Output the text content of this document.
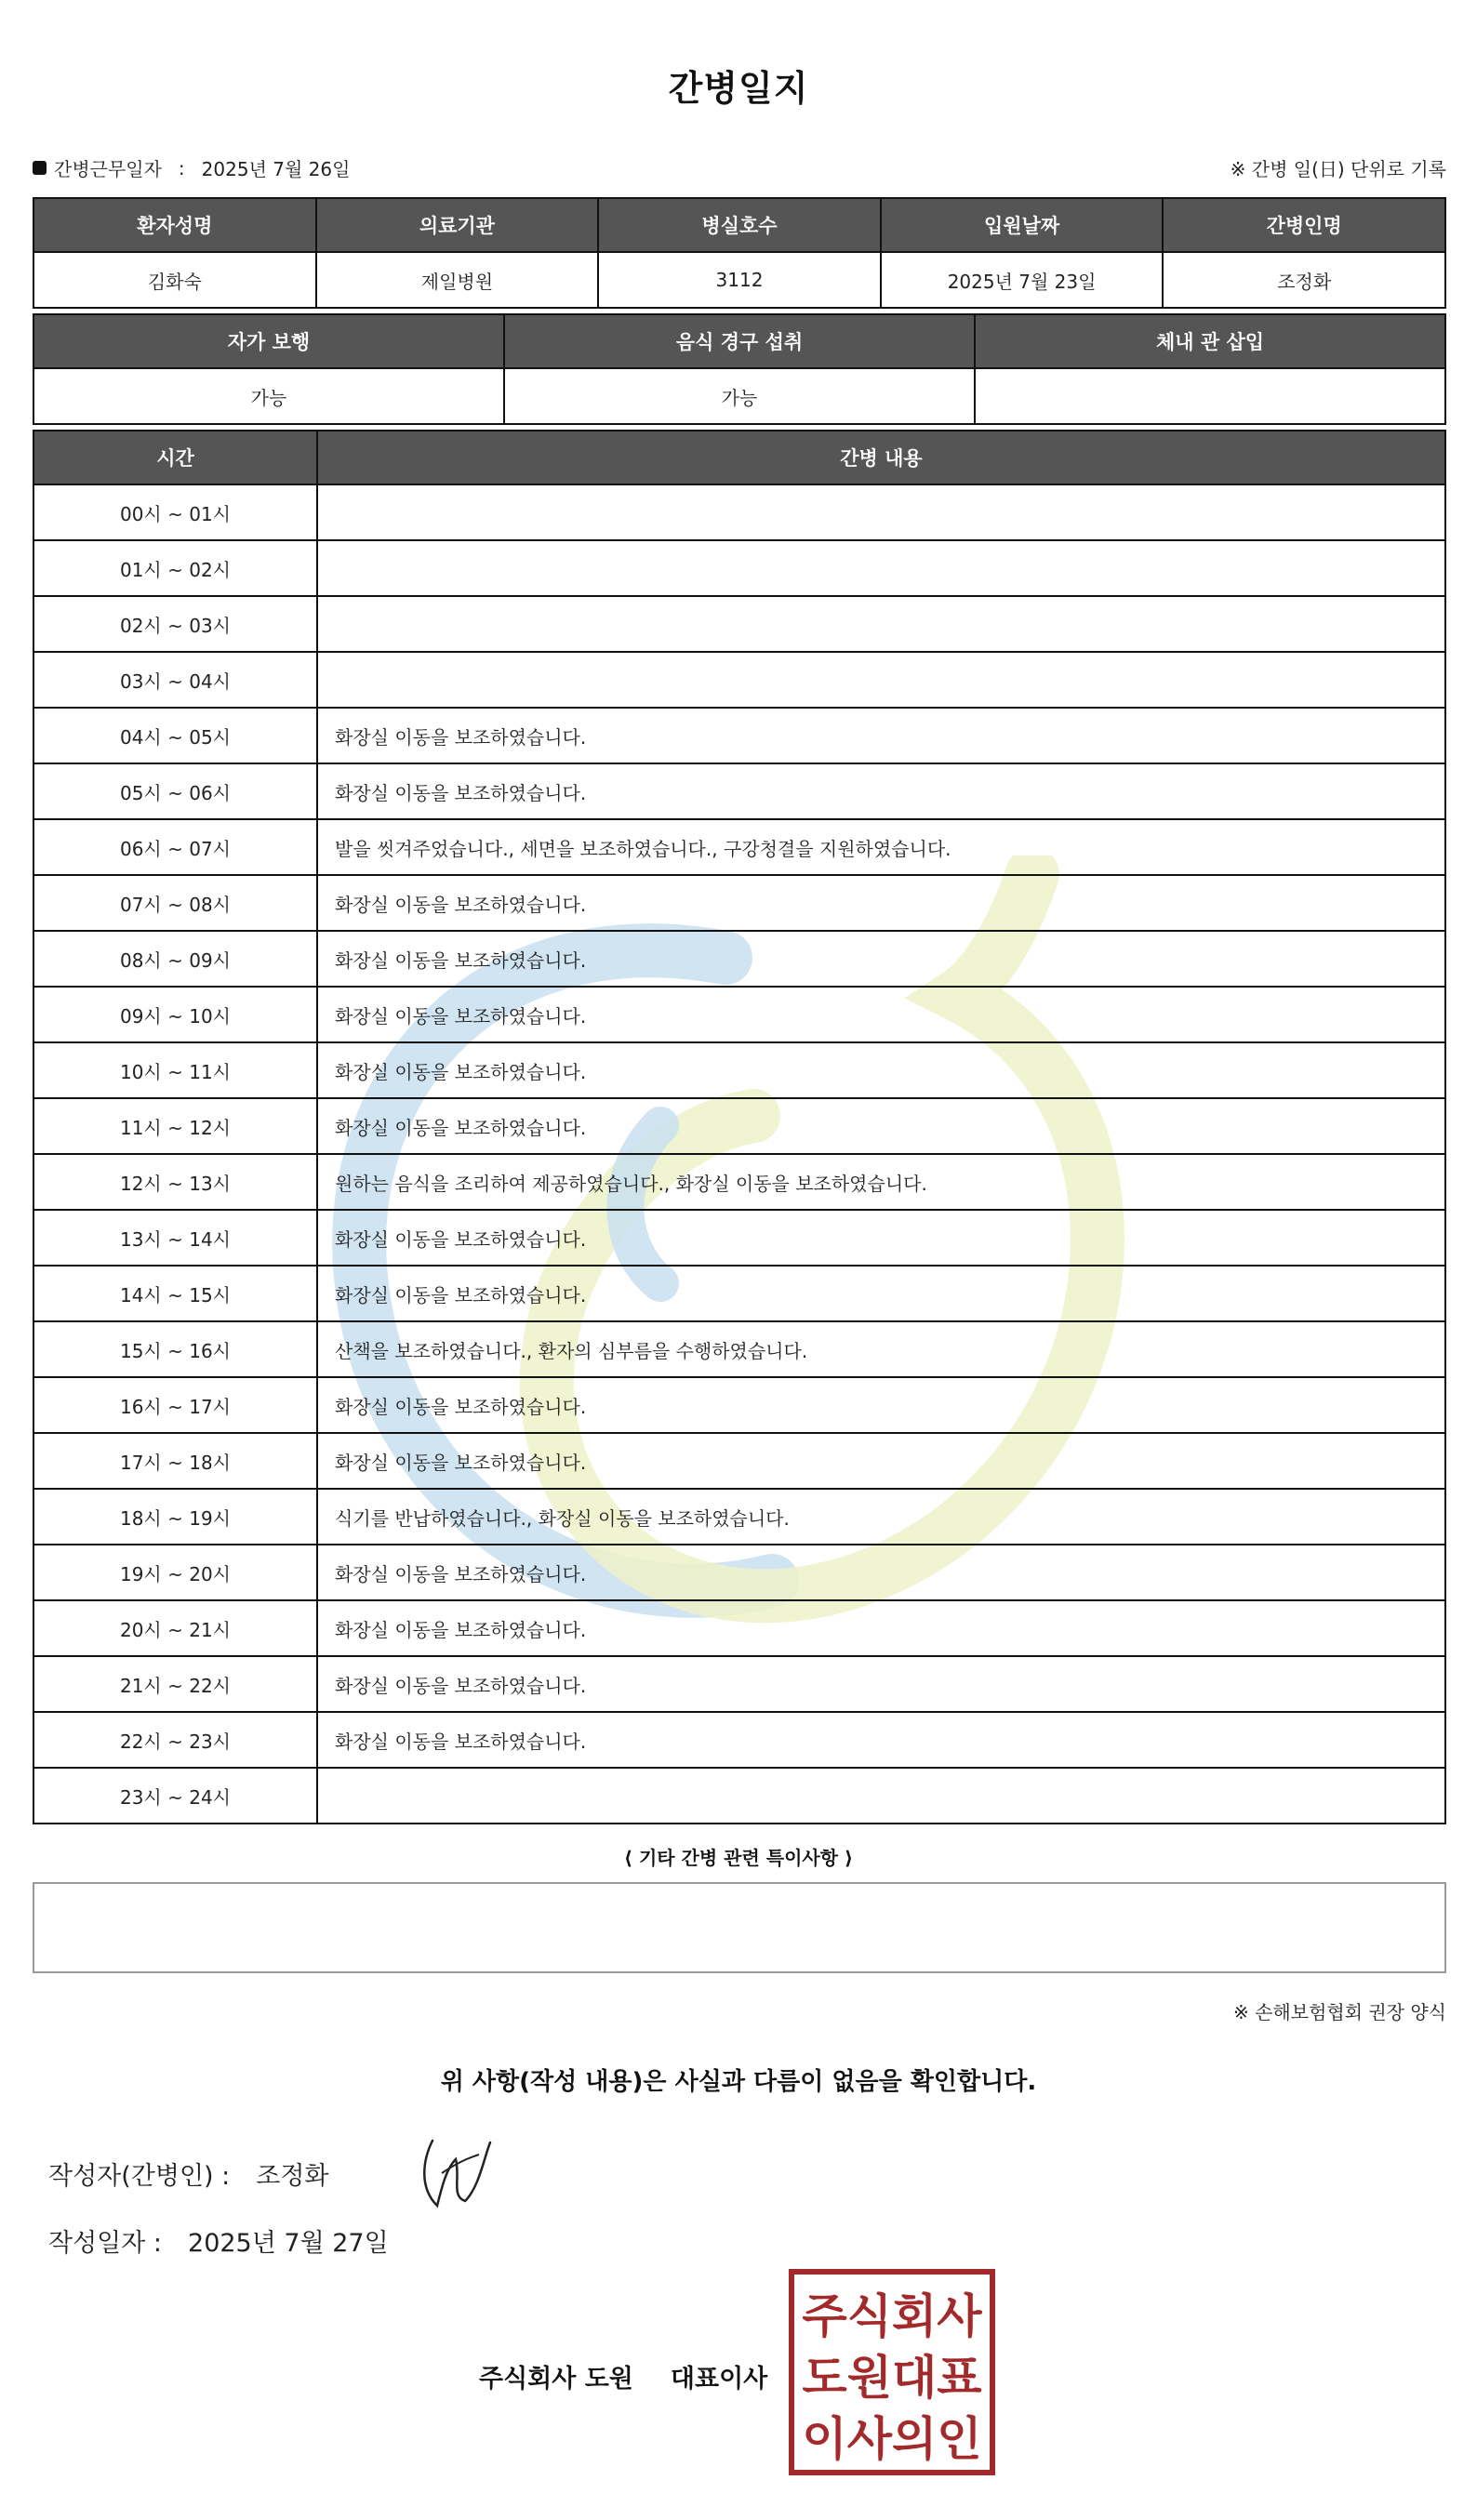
간병일지
간병근무일자 : 2025년 7월 26일	※ 간병 일(日) 단위로 기록
환자성명	의료기관	병실호수	입원날짜	간병인명
김화숙	제일병원	3112	2025년 7월 23일	조정화
자가 보행	음식 경구 섭취	체내 관 삽입
가능	가능	
시간	간병 내용
00시 ~ 01시	
01시 ~ 02시	
02시 ~ 03시	
03시 ~ 04시	
04시 ~ 05시	화장실 이동을 보조하였습니다.
05시 ~ 06시	화장실 이동을 보조하였습니다.
06시 ~ 07시	발을 씻겨주었습니다., 세면을 보조하였습니다., 구강청결을 지원하였습니다.
07시 ~ 08시	화장실 이동을 보조하였습니다.
08시 ~ 09시	화장실 이동을 보조하였습니다.
09시 ~ 10시	화장실 이동을 보조하였습니다.
10시 ~ 11시	화장실 이동을 보조하였습니다.
11시 ~ 12시	화장실 이동을 보조하였습니다.
12시 ~ 13시	원하는 음식을 조리하여 제공하였습니다., 화장실 이동을 보조하였습니다.
13시 ~ 14시	화장실 이동을 보조하였습니다.
14시 ~ 15시	화장실 이동을 보조하였습니다.
15시 ~ 16시	산책을 보조하였습니다., 환자의 심부름을 수행하였습니다.
16시 ~ 17시	화장실 이동을 보조하였습니다.
17시 ~ 18시	화장실 이동을 보조하였습니다.
18시 ~ 19시	식기를 반납하였습니다., 화장실 이동을 보조하였습니다.
19시 ~ 20시	화장실 이동을 보조하였습니다.
20시 ~ 21시	화장실 이동을 보조하였습니다.
21시 ~ 22시	화장실 이동을 보조하였습니다.
22시 ~ 23시	화장실 이동을 보조하였습니다.
23시 ~ 24시	
⟨ 기타 간병 관련 특이사항 ⟩
※ 손해보험협회 권장 양식
위 사항(작성 내용)은 사실과 다름이 없음을 확인합니다.
작성자(간병인) : 조정화
작성일자 : 2025년 7월 27일
주식회사 도원 대표이사
주식회사
도원대표
이사의인
